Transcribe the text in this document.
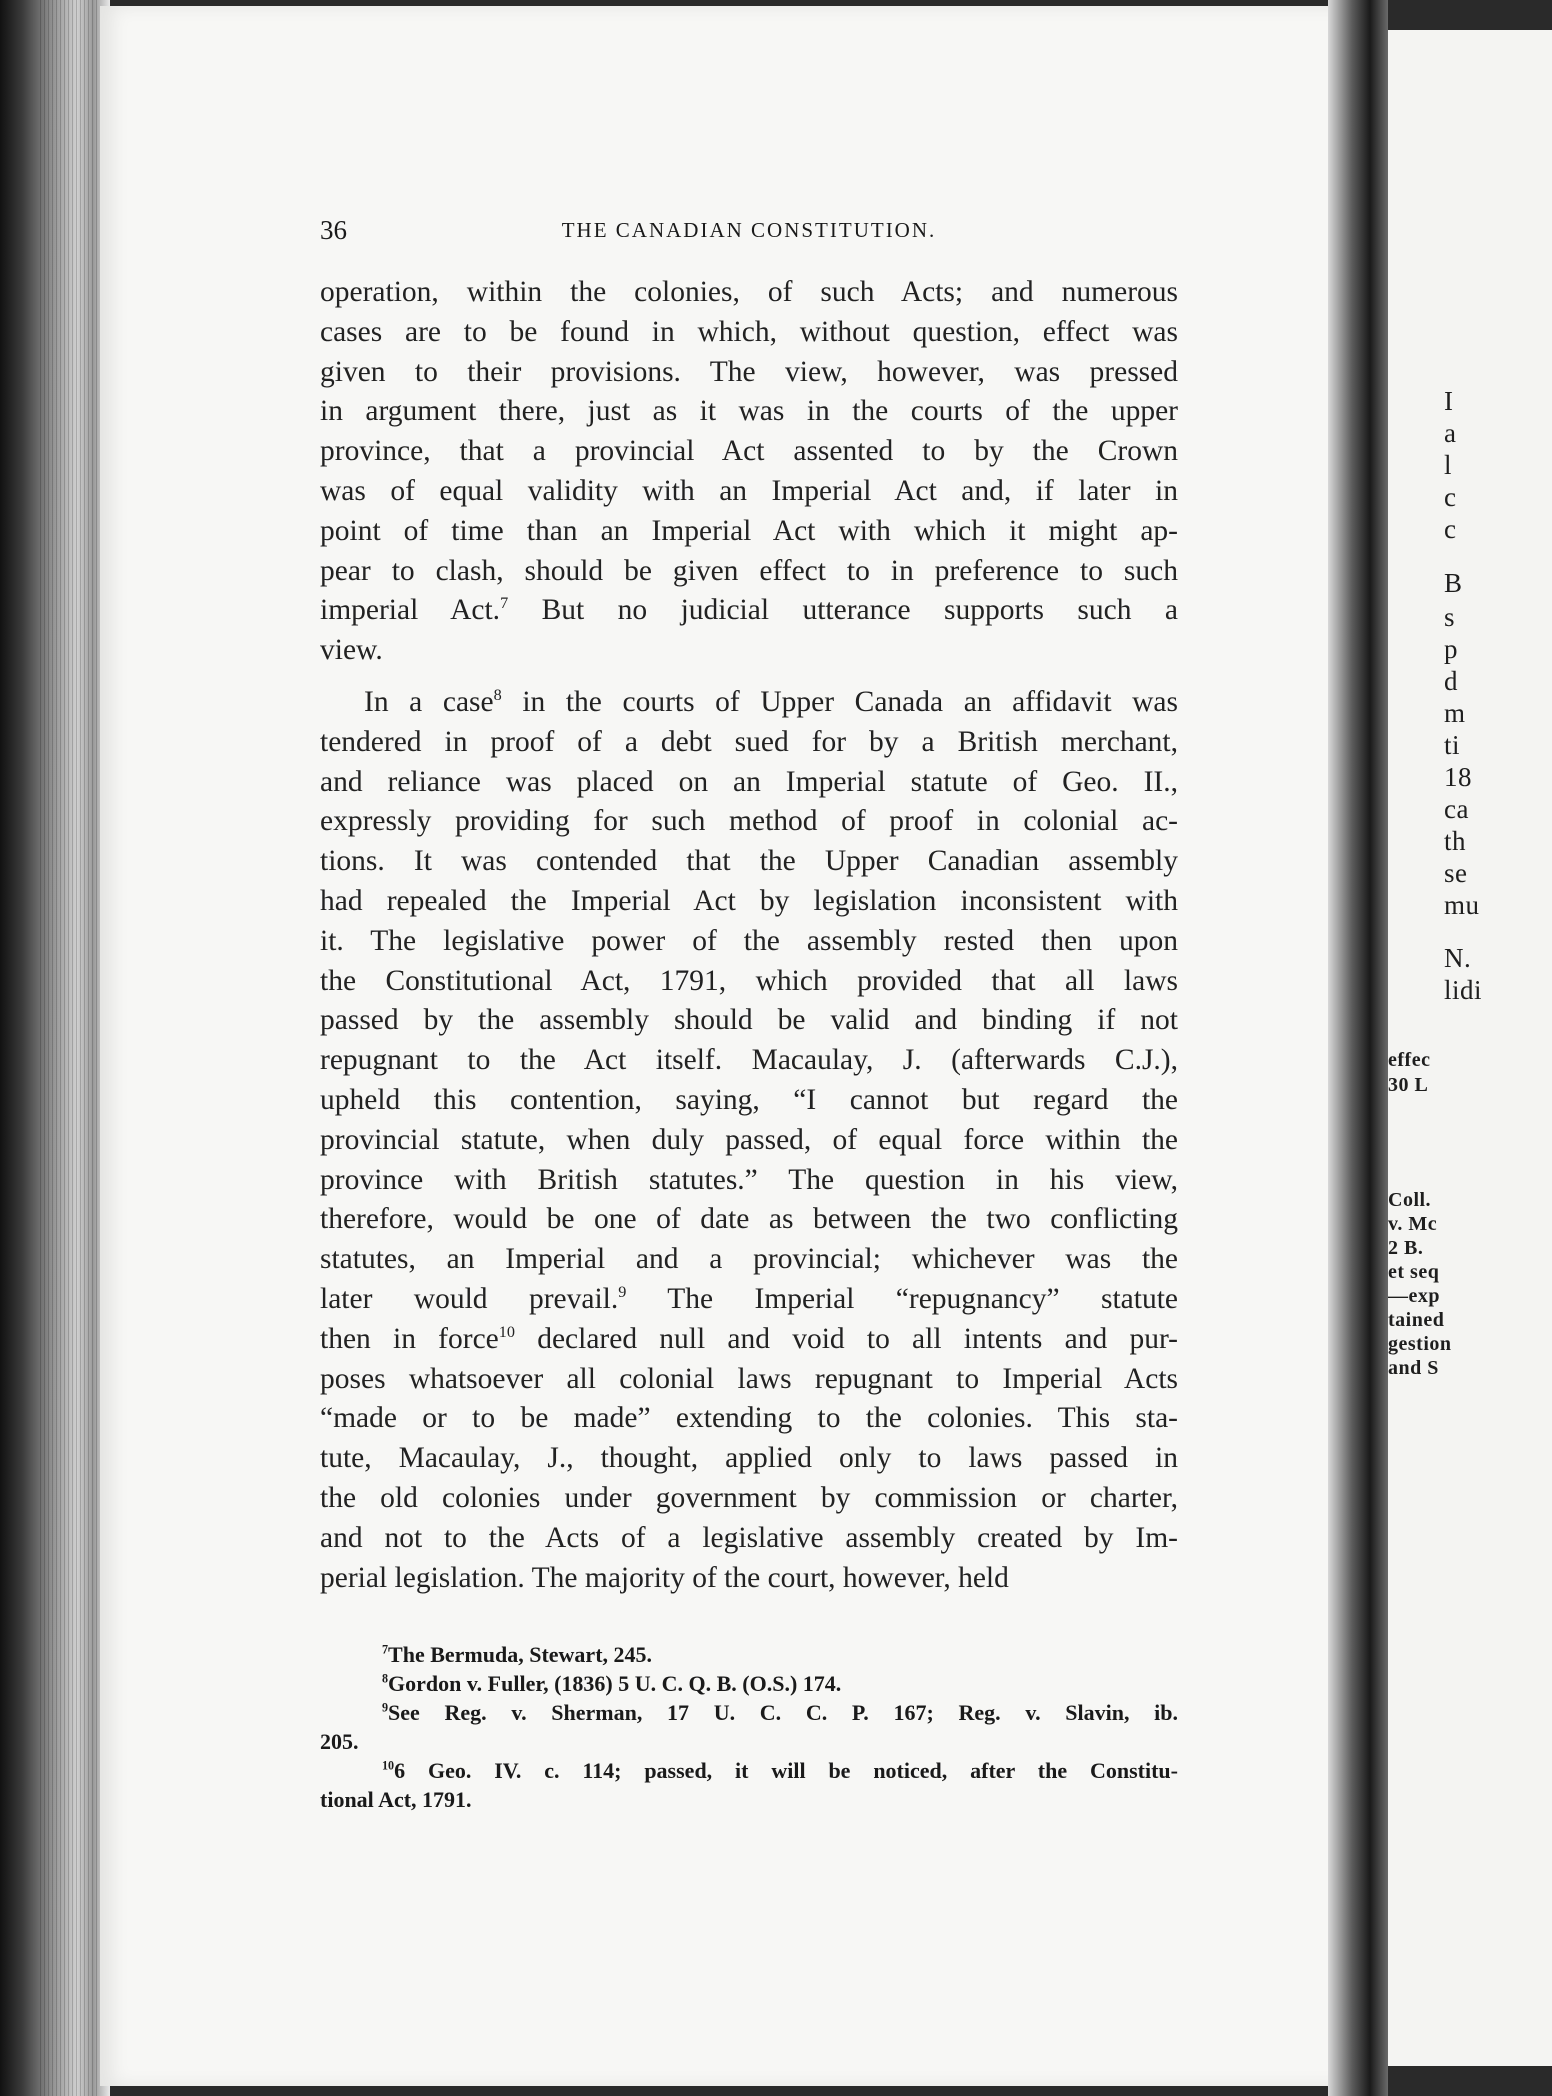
36	THE CANADIAN CONSTITUTION.
operation, within the colonies, of such Acts; and numerous
cases are to be found in which, without question, effect was
given to their provisions. The view, however, was pressed
in argument there, just as it was in the courts of the upper
province, that a provincial Act assented to by the Crown
was of equal validity with an Imperial Act and, if later in
point of time than an Imperial Act with which it might ap-
pear to clash, should be given effect to in preference to such
imperial Act.$^7$ But no judicial utterance supports such a
view.
In a case$^8$ in the courts of Upper Canada an affidavit was
tendered in proof of a debt sued for by a British merchant,
and reliance was placed on an Imperial statute of Geo. II.,
expressly providing for such method of proof in colonial ac-
tions. It was contended that the Upper Canadian assembly
had repealed the Imperial Act by legislation inconsistent with
it. The legislative power of the assembly rested then upon
the Constitutional Act, 1791, which provided that all laws
passed by the assembly should be valid and binding if not
repugnant to the Act itself. Macaulay, J. (afterwards C.J.),
upheld this contention, saying, “I cannot but regard the
provincial statute, when duly passed, of equal force within the
province with British statutes.” The question in his view,
therefore, would be one of date as between the two conflicting
statutes, an Imperial and a provincial; whichever was the
later would prevail.$^9$ The Imperial “repugnancy” statute
then in force$^{10}$ declared null and void to all intents and pur-
poses whatsoever all colonial laws repugnant to Imperial Acts
“made or to be made” extending to the colonies. This sta-
tute, Macaulay, J., thought, applied only to laws passed in
the old colonies under government by commission or charter,
and not to the Acts of a legislative assembly created by Im-
perial legislation. The majority of the court, however, held
$^7$The Bermuda, Stewart, 245.
$^8$Gordon v. Fuller, (1836) 5 U. C. Q. B. (O.S.) 174.
$^9$See Reg. v. Sherman, 17 U. C. C. P. 167; Reg. v. Slavin, ib.
205.
$^{10}$6 Geo. IV. c. 114; passed, it will be noticed, after the Constitu-
tional Act, 1791.
I
a
l
c
c
B
s
p
d
m
ti
18
ca
th
se
mu
N.
lidi
effec
30 L
Coll.
v. Mc
2 B.
et seq
—exp
tained
gestion
and S
